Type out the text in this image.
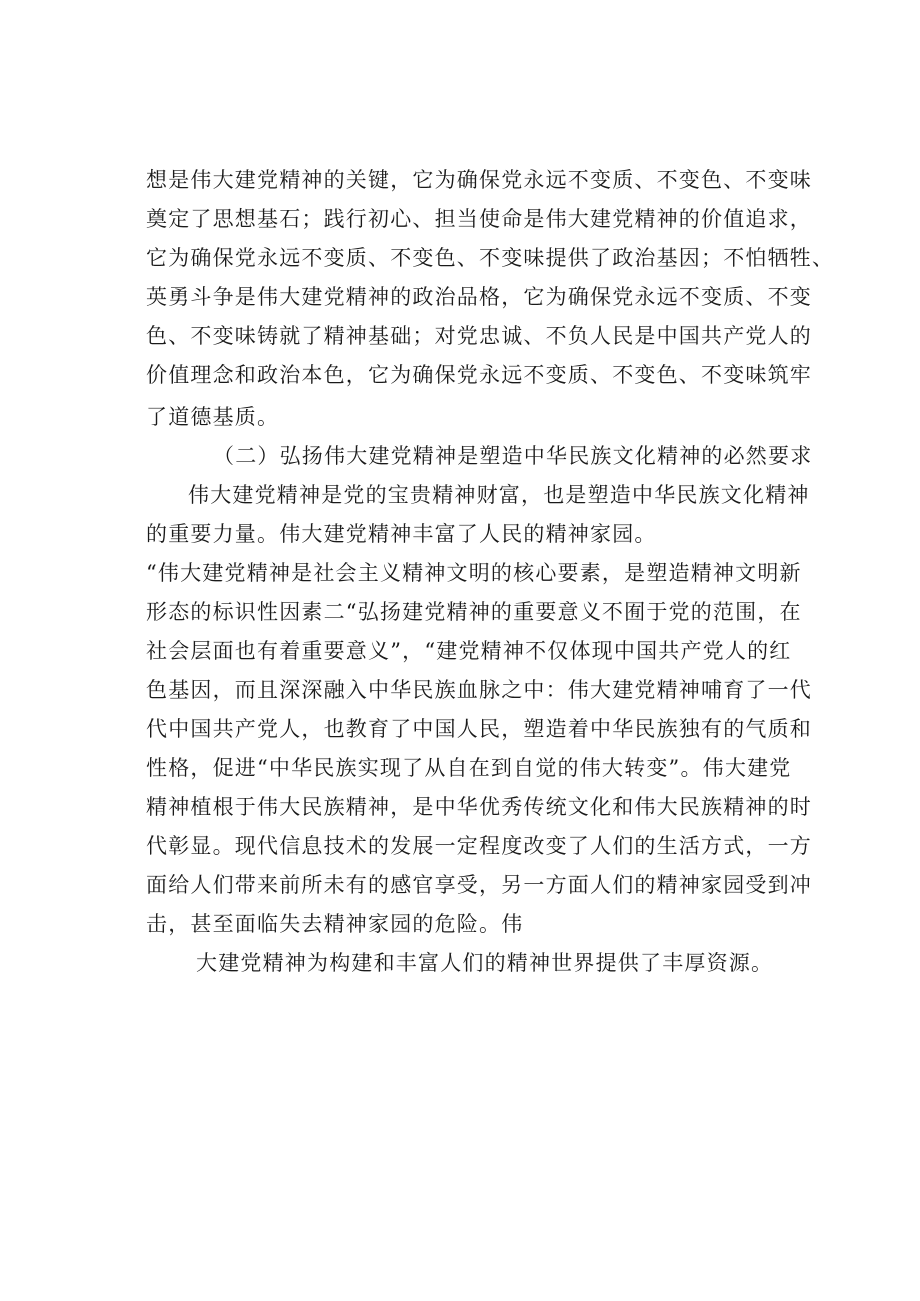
想是伟大建党精神的关键，它为确保党永远不变质、不变色、不变味
奠定了思想基石；践行初心、担当使命是伟大建党精神的价值追求，
它为确保党永远不变质、不变色、不变味提供了政治基因；不怕牺牲、
英勇斗争是伟大建党精神的政治品格，它为确保党永远不变质、不变
色、不变味铸就了精神基础；对党忠诚、不负人民是中国共产党人的
价值理念和政治本色，它为确保党永远不变质、不变色、不变味筑牢
了道德基质。
（二）弘扬伟大建党精神是塑造中华民族文化精神的必然要求
伟大建党精神是党的宝贵精神财富，也是塑造中华民族文化精神
的重要力量。伟大建党精神丰富了人民的精神家园。
“伟大建党精神是社会主义精神文明的核心要素，是塑造精神文明新
形态的标识性因素二“弘扬建党精神的重要意义不囿于党的范围，在
社会层面也有着重要意义”，“建党精神不仅体现中国共产党人的红
色基因，而且深深融入中华民族血脉之中：伟大建党精神哺育了一代
代中国共产党人，也教育了中国人民，塑造着中华民族独有的气质和
性格，促进“中华民族实现了从自在到自觉的伟大转变”。伟大建党
精神植根于伟大民族精神，是中华优秀传统文化和伟大民族精神的时
代彰显。现代信息技术的发展一定程度改变了人们的生活方式，一方
面给人们带来前所未有的感官享受，另一方面人们的精神家园受到冲
击，甚至面临失去精神家园的危险。伟
大建党精神为构建和丰富人们的精神世界提供了丰厚资源。
